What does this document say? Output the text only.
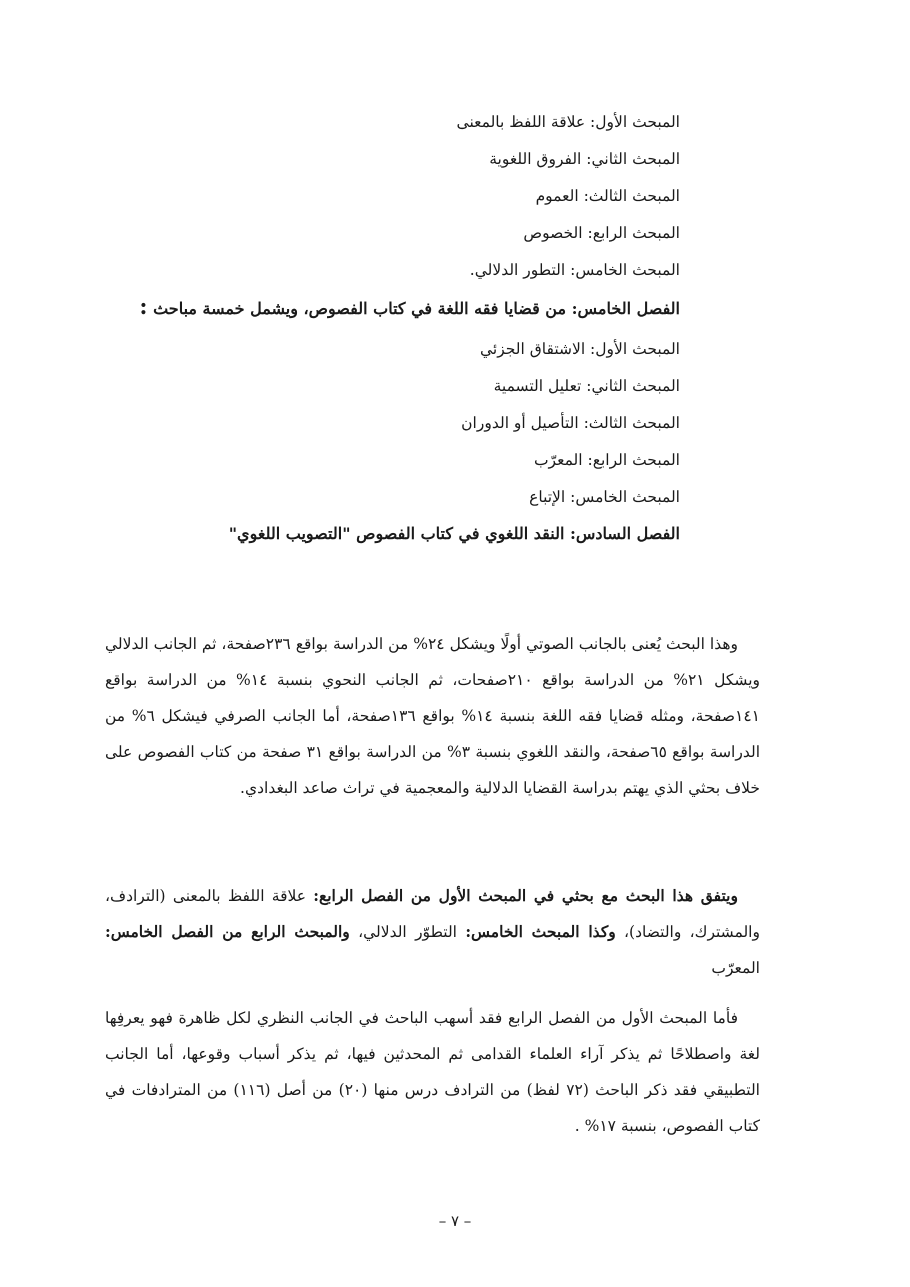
المبحث الأول: علاقة اللفظ بالمعنى
المبحث الثاني: الفروق اللغوية
المبحث الثالث: العموم
المبحث الرابع: الخصوص
المبحث الخامس: التطور الدلالي.
الفصل الخامس: من قضايا فقه اللغة في كتاب الفصوص، ويشمل خمسة مباحث :
المبحث الأول: الاشتقاق الجزئي
المبحث الثاني: تعليل التسمية
المبحث الثالث: التأصيل أو الدوران
المبحث الرابع: المعرّب
المبحث الخامس: الإتباع
الفصل السادس: النقد اللغوي في كتاب الفصوص "التصويب اللغوي"
وهذا البحث يُعنى بالجانب الصوتي أولًا ويشكل ٢٤% من الدراسة بواقع ٢٣٦صفحة، ثم الجانب الدلالي ويشكل ٢١% من الدراسة بواقع ٢١٠صفحات، ثم الجانب النحوي بنسبة ١٤% من الدراسة بواقع ١٤١صفحة، ومثله قضايا فقه اللغة بنسبة ١٤% بواقع ١٣٦صفحة، أما الجانب الصرفي فيشكل ٦% من الدراسة بواقع ٦٥صفحة، والنقد اللغوي بنسبة ٣% من الدراسة بواقع ٣١ صفحة من كتاب الفصوص على خلاف بحثي الذي يهتم بدراسة القضايا الدلالية والمعجمية في تراث صاعد البغدادي.
ويتفق هذا البحث مع بحثي في المبحث الأول من الفصل الرابع: علاقة اللفظ بالمعنى (الترادف، والمشترك، والتضاد)، وكذا المبحث الخامس: التطوّر الدلالي، والمبحث الرابع من الفصل الخامس: المعرّب
فأما المبحث الأول من الفصل الرابع فقد أسهب الباحث في الجانب النظري لكل ظاهرة فهو يعرفِها لغة واصطلاحًا ثم يذكر آراء العلماء القدامى ثم المحدثين فيها، ثم يذكر أسباب وقوعها، أما الجانب التطبيقي فقد ذكر الباحث (٧٢ لفظ) من الترادف درس منها (٢٠) من أصل (١١٦) من المترادفات في كتاب الفصوص، بنسبة ١٧% .
– ٧ –
